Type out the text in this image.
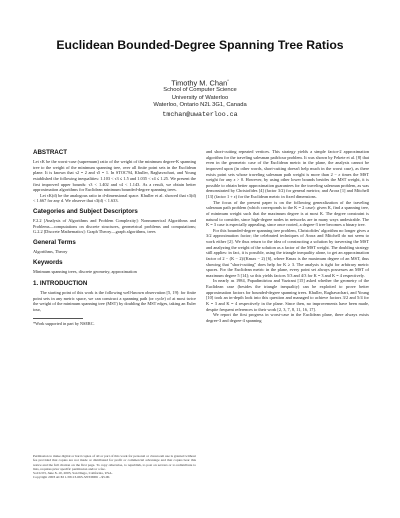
Euclidean Bounded-Degree Spanning Tree Ratios
Timothy M. Chan*
School of Computer Science
University of Waterloo
Waterloo, Ontario N2L 3G1, Canada
tmchan@uwaterloo.ca
ABSTRACT

Let τK be the worst-case (supremum) ratio of the weight of the minimum degree-K spanning tree to the weight of the minimum spanning tree, over all finite point sets in the Euclidean plane. It is known that τ2 = 2 and τ5 = 1. In STOC'94, Khuller, Raghavachari, and Young established the following inequalities: 1.103 < τ3 ≤ 1.5 and 1.035 < τ4 ≤ 1.25. We present the first improved upper bounds: τ3 < 1.402 and τ4 < 1.143. As a result, we obtain better approximation algorithms for Euclidean minimum bounded-degree spanning trees.

Let τK(d) be the analogous ratio in d-dimensional space. Khuller et al. showed that τ3(d) < 1.667 for any d. We observe that τ3(d) < 1.633.

Categories and Subject Descriptors

F.2.2 [Analysis of Algorithms and Problem Complexity]: Nonnumerical Algorithms and Problems—computations on discrete structures, geometrical problems and computations; G.2.2 [Discrete Mathematics]: Graph Theory—graph algorithms, trees

General Terms

Algorithms, Theory

Keywords

Minimum spanning trees, discrete geometry, approximation

1. INTRODUCTION

The starting point of this work is the following well-known observation [5, 19]: for finite point sets in any metric space, we can construct a spanning path (or cycle) of at most twice the weight of the minimum spanning tree (MST) by doubling the MST edges, taking an Euler tour,

*Work supported in part by NSERC.

Permission to make digital or hard copies of all or part of this work for personal or classroom use is granted without fee provided that copies are not made or distributed for profit or commercial advantage and that copies bear this notice and the full citation on the first page. To copy otherwise, to republish, to post on servers or to redistribute to lists, requires prior specific permission and/or a fee.

SoCG'03, June 8–10, 2003, San Diego, California, USA.

Copyright 2003 ACM 1-58113-663-3/03/0006 ...$5.00.

and short-cutting repeated vertices. This strategy yields a simple factor-2 approximation algorithm for the traveling salesman path/tour problem. It was shown by Fekete et al. [8] that even in the geometric case of the Euclidean metric in the plane, the analysis cannot be improved upon (in other words, short-cutting doesn't help much in the worst case), as there exists point sets whose traveling salesman path weight is more than 2 − ε times the MST weight for any ε > 0. However, by using other lower bounds besides the MST weight, it is possible to obtain better approximation guarantees for the traveling salesman problem, as was demonstrated by Christofides [4] (factor 3/2) for general metrics; and Arora [1] and Mitchell [13] (factor 1 + ε) for the Euclidean metric in fixed dimensions.

The focus of the present paper is on the following generalization of the traveling salesman path problem (which corresponds to the K = 2 case): given K, find a spanning tree, of minimum weight such that the maximum degree is at most K. The degree constraint is natural to consider, since high-degree nodes in networks are in many ways undesirable. The K = 3 case is especially appealing, since once rooted, a degree-3 tree becomes a binary tree.

For this bounded-degree spanning tree problem, Christofides' algorithm no longer gives a 3/2 approximation factor; the celebrated techniques of Arora and Mitchell do not seem to work either [2]. We thus return to the idea of constructing a solution by traversing the MST and analyzing the weight of the solution as a factor of the MST weight. The doubling strategy still applies: in fact, it is possible, using the triangle inequality alone, to get an approximation factor of 2 − (K − 2)/(Kmax − 2) [6], where Kmax is the maximum degree of an MST, thus showing that "short-cutting" does help for K ≥ 3. The analysis is tight for arbitrary metric spaces. For the Euclidean metric in the plane, every point set always possesses an MST of maximum degree 5 [14]; so this yields factors 5/3 and 4/3 for K = 3 and K = 4 respectively.

In nearly as 1984, Papadimitriou and Vazirani [15] asked whether the geometry of the Euclidean case (besides the triangle inequality) can be exploited to prove better approximation factors for bounded-degree spanning trees. Khuller, Raghavachari, and Young [10] took an in-depth look into this question and managed to achieve factors 3/2 and 5/4 for K = 3 and K = 4 respectively in the plane. Since then, no improvements have been made, despite frequent references to their work [2, 3, 7, 8, 11, 16, 17].

We report the first progress in worst-case in the Euclidean plane, there always exists degree-3 and degree-4 spanning
